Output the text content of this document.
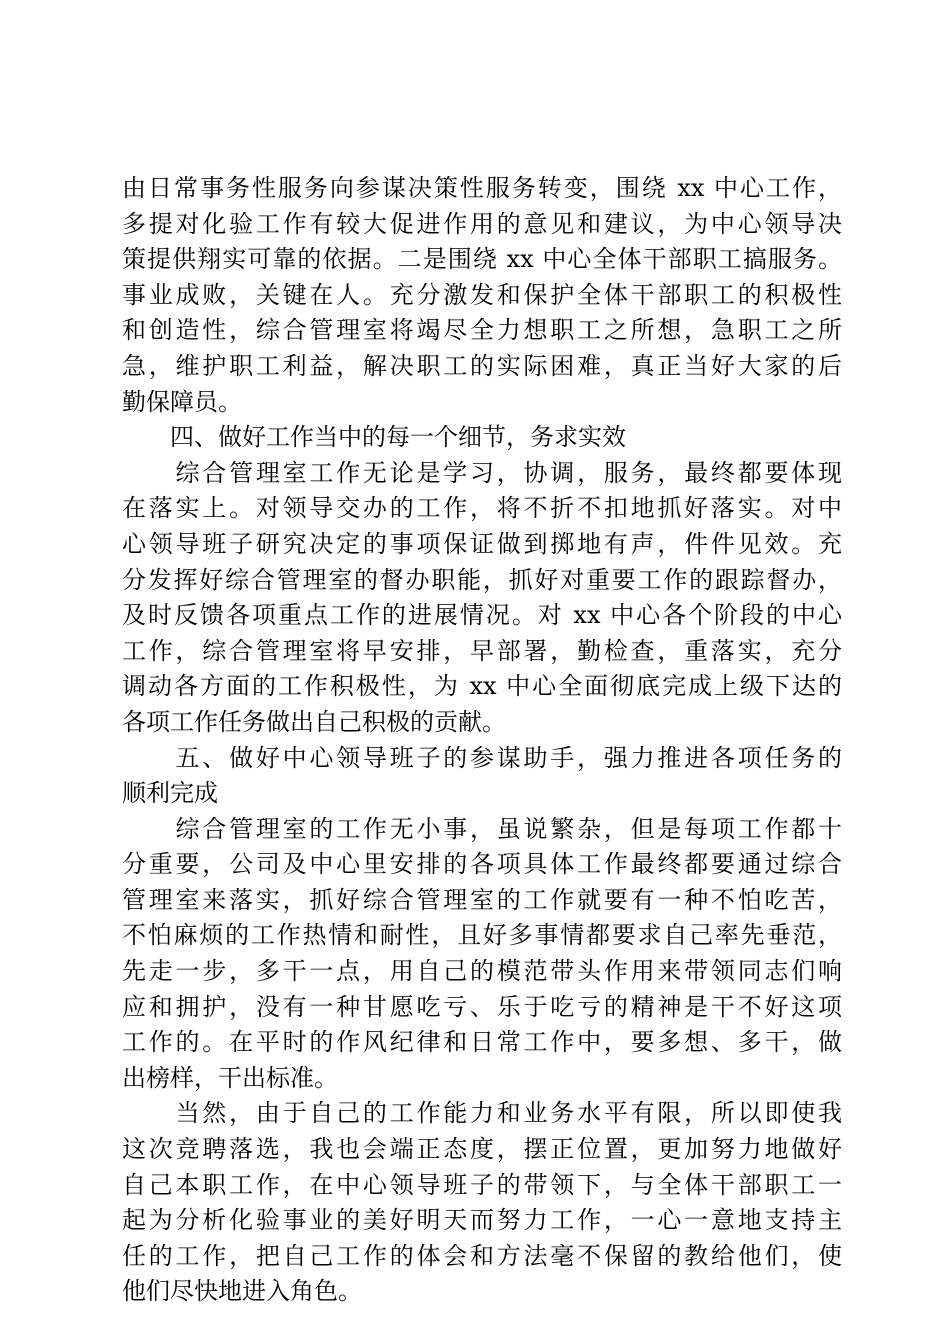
由日常事务性服务向参谋决策性服务转变，围绕 xx 中心工作，
多提对化验工作有较大促进作用的意见和建议，为中心领导决
策提供翔实可靠的依据。二是围绕 xx 中心全体干部职工搞服务。
事业成败，关键在人。充分激发和保护全体干部职工的积极性
和创造性，综合管理室将竭尽全力想职工之所想，急职工之所
急，维护职工利益，解决职工的实际困难，真正当好大家的后
勤保障员。
　　四、做好工作当中的每一个细节，务求实效
　　综合管理室工作无论是学习，协调，服务，最终都要体现
在落实上。对领导交办的工作，将不折不扣地抓好落实。对中
心领导班子研究决定的事项保证做到掷地有声，件件见效。充
分发挥好综合管理室的督办职能，抓好对重要工作的跟踪督办，
及时反馈各项重点工作的进展情况。对 xx 中心各个阶段的中心
工作，综合管理室将早安排，早部署，勤检查，重落实，充分
调动各方面的工作积极性，为 xx 中心全面彻底完成上级下达的
各项工作任务做出自己积极的贡献。
　　五、做好中心领导班子的参谋助手，强力推进各项任务的
顺利完成
　　综合管理室的工作无小事，虽说繁杂，但是每项工作都十
分重要，公司及中心里安排的各项具体工作最终都要通过综合
管理室来落实，抓好综合管理室的工作就要有一种不怕吃苦，
不怕麻烦的工作热情和耐性，且好多事情都要求自己率先垂范，
先走一步，多干一点，用自己的模范带头作用来带领同志们响
应和拥护，没有一种甘愿吃亏、乐于吃亏的精神是干不好这项
工作的。在平时的作风纪律和日常工作中，要多想、多干，做
出榜样，干出标准。
　　当然，由于自己的工作能力和业务水平有限，所以即使我
这次竞聘落选，我也会端正态度，摆正位置，更加努力地做好
自己本职工作，在中心领导班子的带领下，与全体干部职工一
起为分析化验事业的美好明天而努力工作，一心一意地支持主
任的工作，把自己工作的体会和方法毫不保留的教给他们，使
他们尽快地进入角色。
